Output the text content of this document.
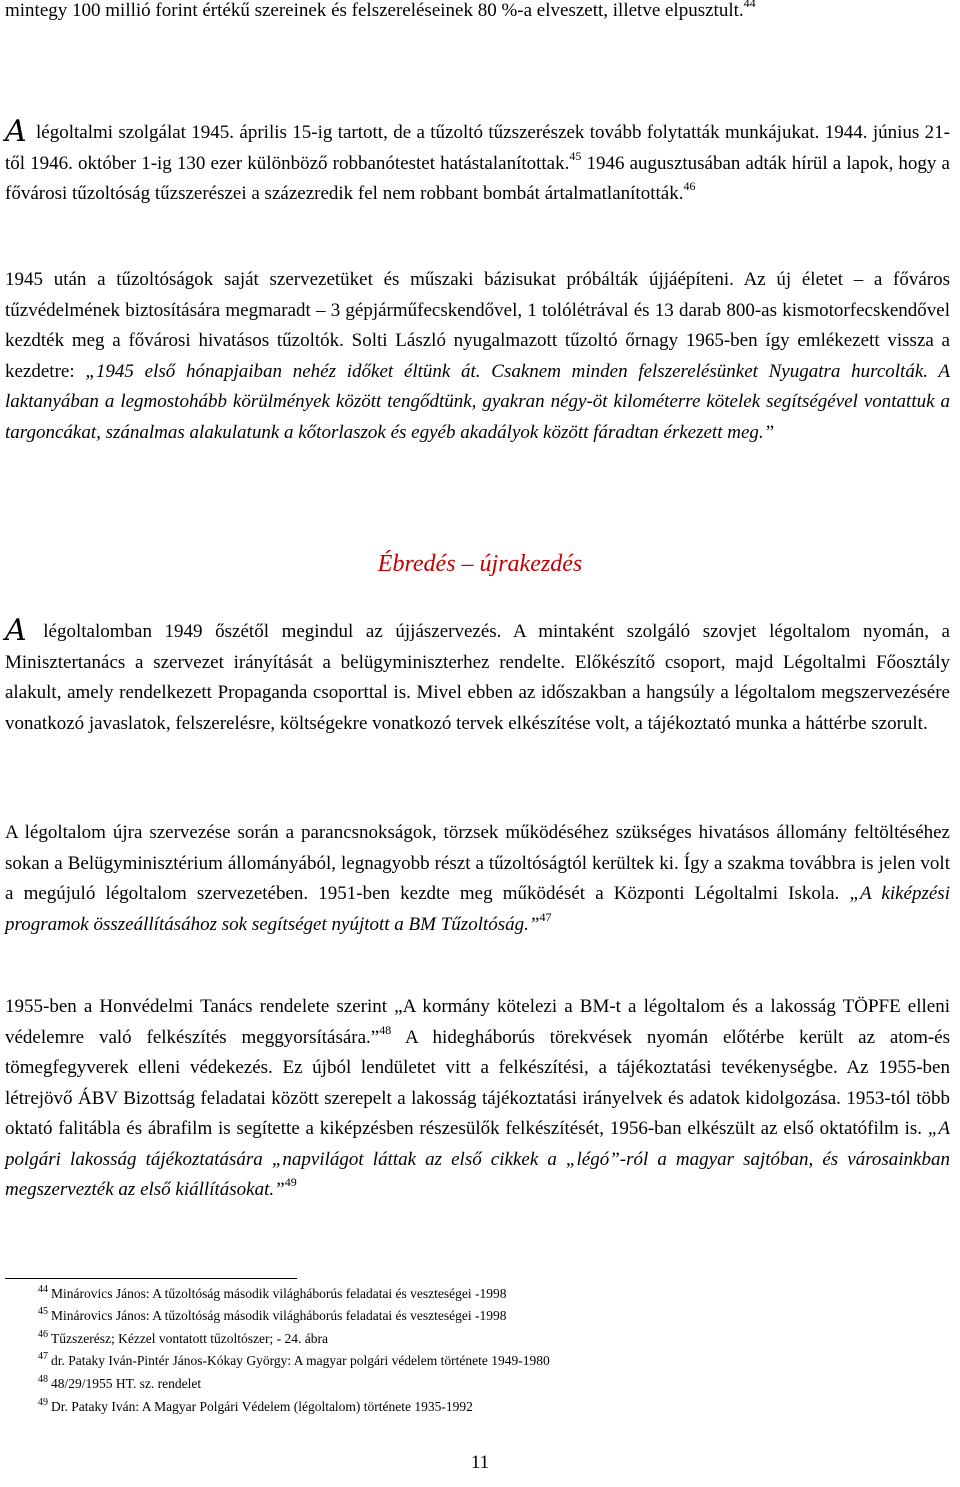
mintegy 100 millió forint értékű szereinek és felszereléseinek 80 %-a elveszett, illetve elpusztult.$^{44}$

A légoltalmi szolgálat 1945. április 15-ig tartott, de a tűzoltó tűzszerészek tovább folytatták munkájukat. 1944. június 21-től 1946. október 1-ig 130 ezer különböző robbanótestet hatástalanítottak.$^{45}$ 1946 augusztusában adták hírül a lapok, hogy a fővárosi tűzoltóság tűzszerészei a százezredik fel nem robbant bombát ártalmatlanították.$^{46}$

1945 után a tűzoltóságok saját szervezetüket és műszaki bázisukat próbálták újjáépíteni. Az új életet – a főváros tűzvédelmének biztosítására megmaradt – 3 gépjárműfecskendővel, 1 tolólétrával és 13 darab 800-as kismotorfecskendővel kezdték meg a fővárosi hivatásos tűzoltók. Solti László nyugalmazott tűzoltó őrnagy 1965-ben így emlékezett vissza a kezdetre: „1945 első hónapjaiban nehéz időket éltünk át. Csaknem minden felszerelésünket Nyugatra hurcolták. A laktanyában a legmostohább körülmények között tengődtünk, gyakran négy-öt kilométerre kötelek segítségével vontattuk a targoncákat, szánalmas alakulatunk a kőtorlaszok és egyéb akadályok között fáradtan érkezett meg.”

Ébredés – újrakezdés

A légoltalomban 1949 őszétől megindul az újjászervezés. A mintaként szolgáló szovjet légoltalom nyomán, a Minisztertanács a szervezet irányítását a belügyminiszterhez rendelte. Előkészítő csoport, majd Légoltalmi Főosztály alakult, amely rendelkezett Propaganda csoporttal is. Mivel ebben az időszakban a hangsúly a légoltalom megszervezésére vonatkozó javaslatok, felszerelésre, költségekre vonatkozó tervek elkészítése volt, a tájékoztató munka a háttérbe szorult.

A légoltalom újra szervezése során a parancsnokságok, törzsek működéséhez szükséges hivatásos állomány feltöltéséhez sokan a Belügyminisztérium állományából, legnagyobb részt a tűzoltóságtól kerültek ki. Így a szakma továbbra is jelen volt a megújuló légoltalom szervezetében. 1951-ben kezdte meg működését a Központi Légoltalmi Iskola. „A kiképzési programok összeállításához sok segítséget nyújtott a BM Tűzoltóság.”$^{47}$

1955-ben a Honvédelmi Tanács rendelete szerint „A kormány kötelezi a BM-t a légoltalom és a lakosság TÖPFE elleni védelemre való felkészítés meggyorsítására.”$^{48}$ A hidegháborús törekvések nyomán előtérbe került az atom-és tömegfegyverek elleni védekezés. Ez újból lendületet vitt a felkészítési, a tájékoztatási tevékenységbe. Az 1955-ben létrejövő ÁBV Bizottság feladatai között szerepelt a lakosság tájékoztatási irányelvek és adatok kidolgozása. 1953-tól több oktató falitábla és ábrafilm is segítette a kiképzésben részesülők felkészítését, 1956-ban elkészült az első oktatófilm is. „A polgári lakosság tájékoztatására „napvilágot láttak az első cikkek a „légó”-ról a magyar sajtóban, és városainkban megszervezték az első kiállításokat.”$^{49}$

$^{44}$ Minárovics János: A tűzoltóság második világháborús feladatai és veszteségei -1998
$^{45}$ Minárovics János: A tűzoltóság második világháborús feladatai és veszteségei -1998
$^{46}$ Tűzszerész; Kézzel vontatott tűzoltószer; - 24. ábra
$^{47}$ dr. Pataky Iván-Pintér János-Kókay György: A magyar polgári védelem története 1949-1980
$^{48}$ 48/29/1955 HT. sz. rendelet
$^{49}$ Dr. Pataky Iván: A Magyar Polgári Védelem (légoltalom) története 1935-1992
11
